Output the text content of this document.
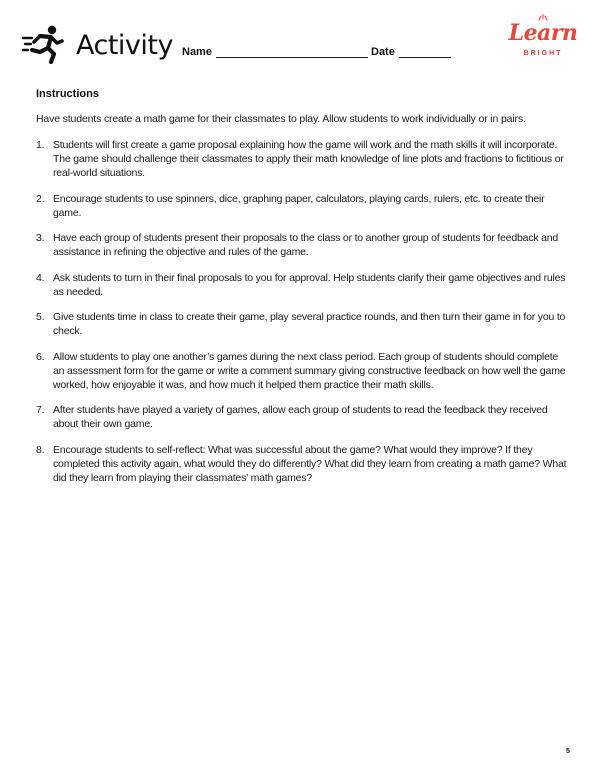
Activity Name	Date
Learn
BRIGHT
Instructions
Have students create a math game for their classmates to play. Allow students to work individually or in pairs.
1. Students will first create a game proposal explaining how the game will work and the math skills it will incorporate. The game should challenge their classmates to apply their math knowledge of line plots and fractions to fictitious or real-world situations.
2. Encourage students to use spinners, dice, graphing paper, calculators, playing cards, rulers, etc. to create their game.
3. Have each group of students present their proposals to the class or to another group of students for feedback and assistance in refining the objective and rules of the game.
4. Ask students to turn in their final proposals to you for approval. Help students clarify their game objectives and rules as needed.
5. Give students time in class to create their game, play several practice rounds, and then turn their game in for you to check.
6. Allow students to play one another’s games during the next class period. Each group of students should complete an assessment form for the game or write a comment summary giving constructive feedback on how well the game worked, how enjoyable it was, and how much it helped them practice their math skills.
7. After students have played a variety of games, allow each group of students to read the feedback they received about their own game.
8. Encourage students to self-reflect: What was successful about the game? What would they improve? If they completed this activity again, what would they do differently? What did they learn from creating a math game? What did they learn from playing their classmates’ math games?
5
